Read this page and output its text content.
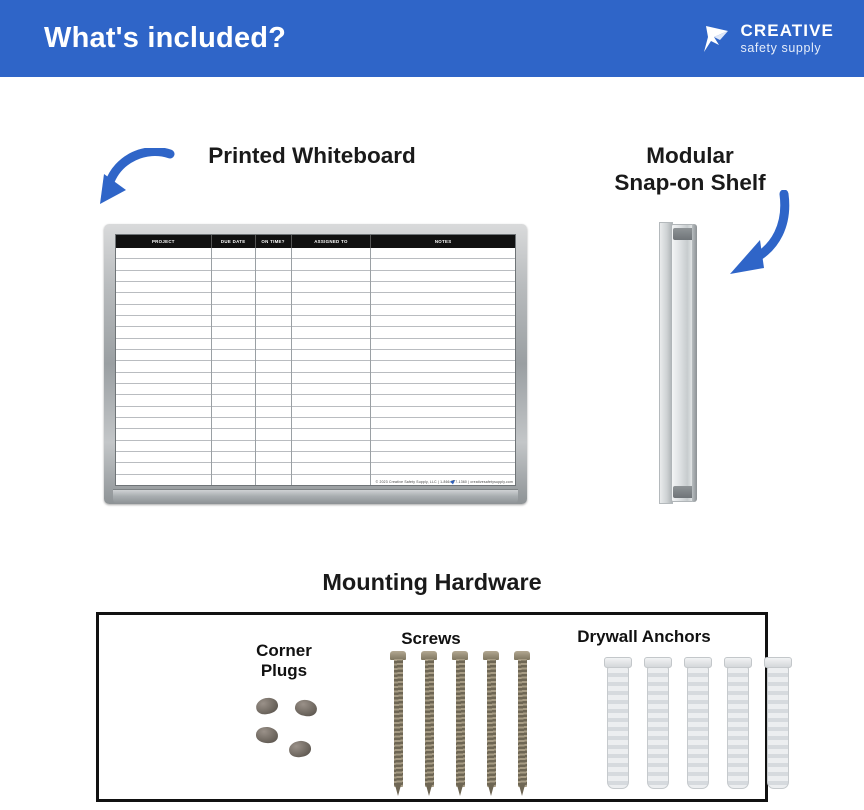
What's included?	CREATIVE
safety supply
Printed Whiteboard	Modular
Snap-on Shelf
Mounting Hardware
PROJECT	DUE DATE	ON TIME?	ASSIGNED TO	NOTES
© 2023 Creative Safety Supply, LLC | 1-866-777-1360 | creativesafetysupply.com
Corner
Plugs
Screws	Drywall Anchors
